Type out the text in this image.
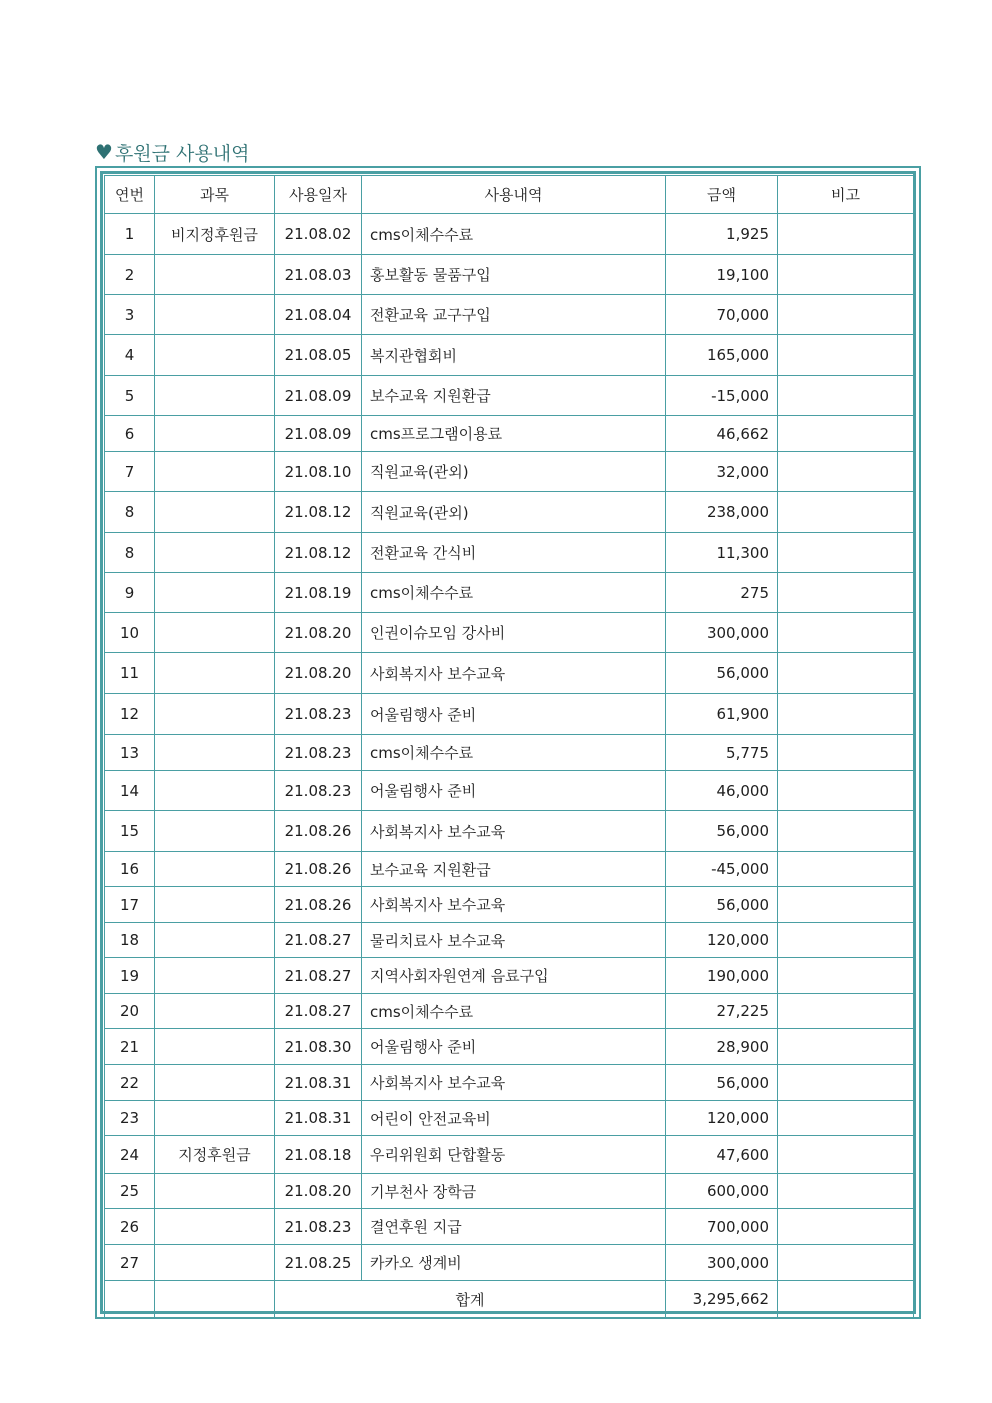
♥ 후원금 사용내역
연번	과목	사용일자	사용내역	금액	비고
1	비지정후원금	21.08.02	cms이체수수료	1,925	
2		21.08.03	홍보활동 물품구입	19,100	
3		21.08.04	전환교육 교구구입	70,000	
4		21.08.05	복지관협회비	165,000	
5		21.08.09	보수교육 지원환급	-15,000	
6		21.08.09	cms프로그램이용료	46,662	
7		21.08.10	직원교육(관외)	32,000	
8		21.08.12	직원교육(관외)	238,000	
8		21.08.12	전환교육 간식비	11,300	
9		21.08.19	cms이체수수료	275	
10		21.08.20	인권이슈모임 강사비	300,000	
11		21.08.20	사회복지사 보수교육	56,000	
12		21.08.23	어울림행사 준비	61,900	
13		21.08.23	cms이체수수료	5,775	
14		21.08.23	어울림행사 준비	46,000	
15		21.08.26	사회복지사 보수교육	56,000	
16		21.08.26	보수교육 지원환급	-45,000	
17		21.08.26	사회복지사 보수교육	56,000	
18		21.08.27	물리치료사 보수교육	120,000	
19		21.08.27	지역사회자원연계 음료구입	190,000	
20		21.08.27	cms이체수수료	27,225	
21		21.08.30	어울림행사 준비	28,900	
22		21.08.31	사회복지사 보수교육	56,000	
23		21.08.31	어린이 안전교육비	120,000	
24	지정후원금	21.08.18	우리위원회 단합활동	47,600	
25		21.08.20	기부천사 장학금	600,000	
26		21.08.23	결연후원 지급	700,000	
27		21.08.25	카카오 생계비	300,000	
		합계		3,295,662	
